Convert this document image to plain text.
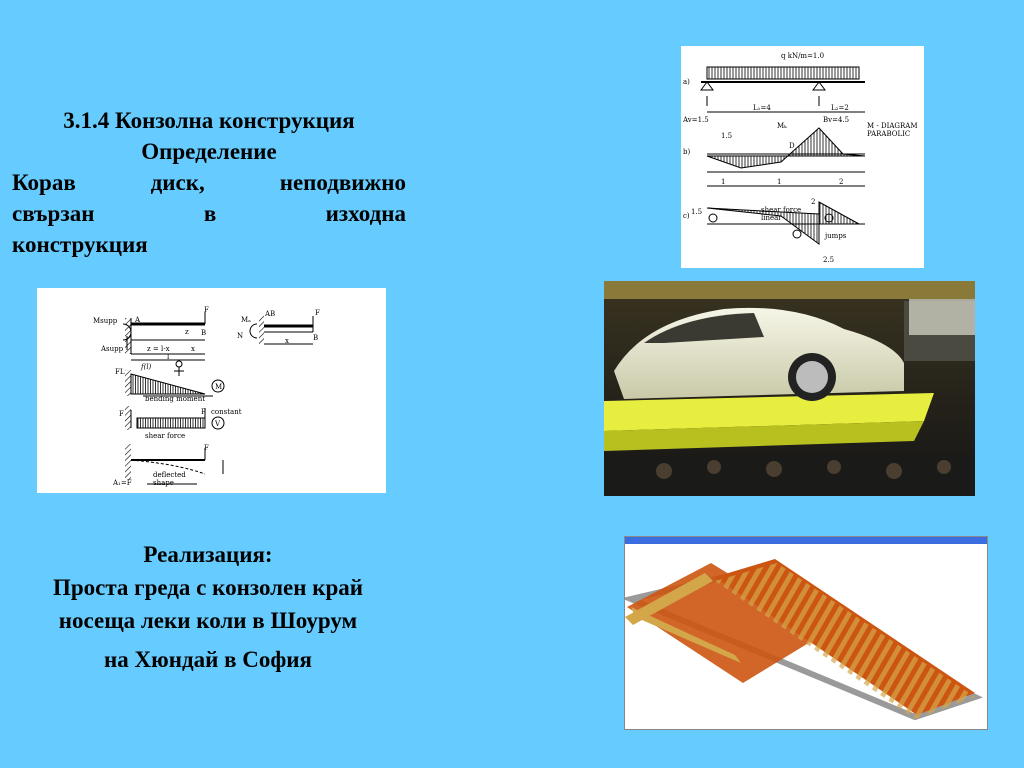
3.1.4 Конзолна конструкция
Определение
Корав	диск,	неподвижно
свързан	в	изходна
конструкция
Msupp
Asupp
A
z B
F
z = l-x	x
l
Mₐ
N
AB	F
B
x
FL
f(l)
M
bending moment
F	F constant
V
shear force
deflected
shape
A₁=F
F
q kN/m=1.0
a)
Av=1.5
L₁=4	L₂=2
Bv=4.5
Mₖ	M - DIAGRAM
PARABOLIC
1.5
b)
D
1	1	2
c) 1.5	shear force
linear
2
jumps
2.5
Реализация:
Проста греда с конзолен край
носеща леки коли в Шоурум
на Хюндай в София
